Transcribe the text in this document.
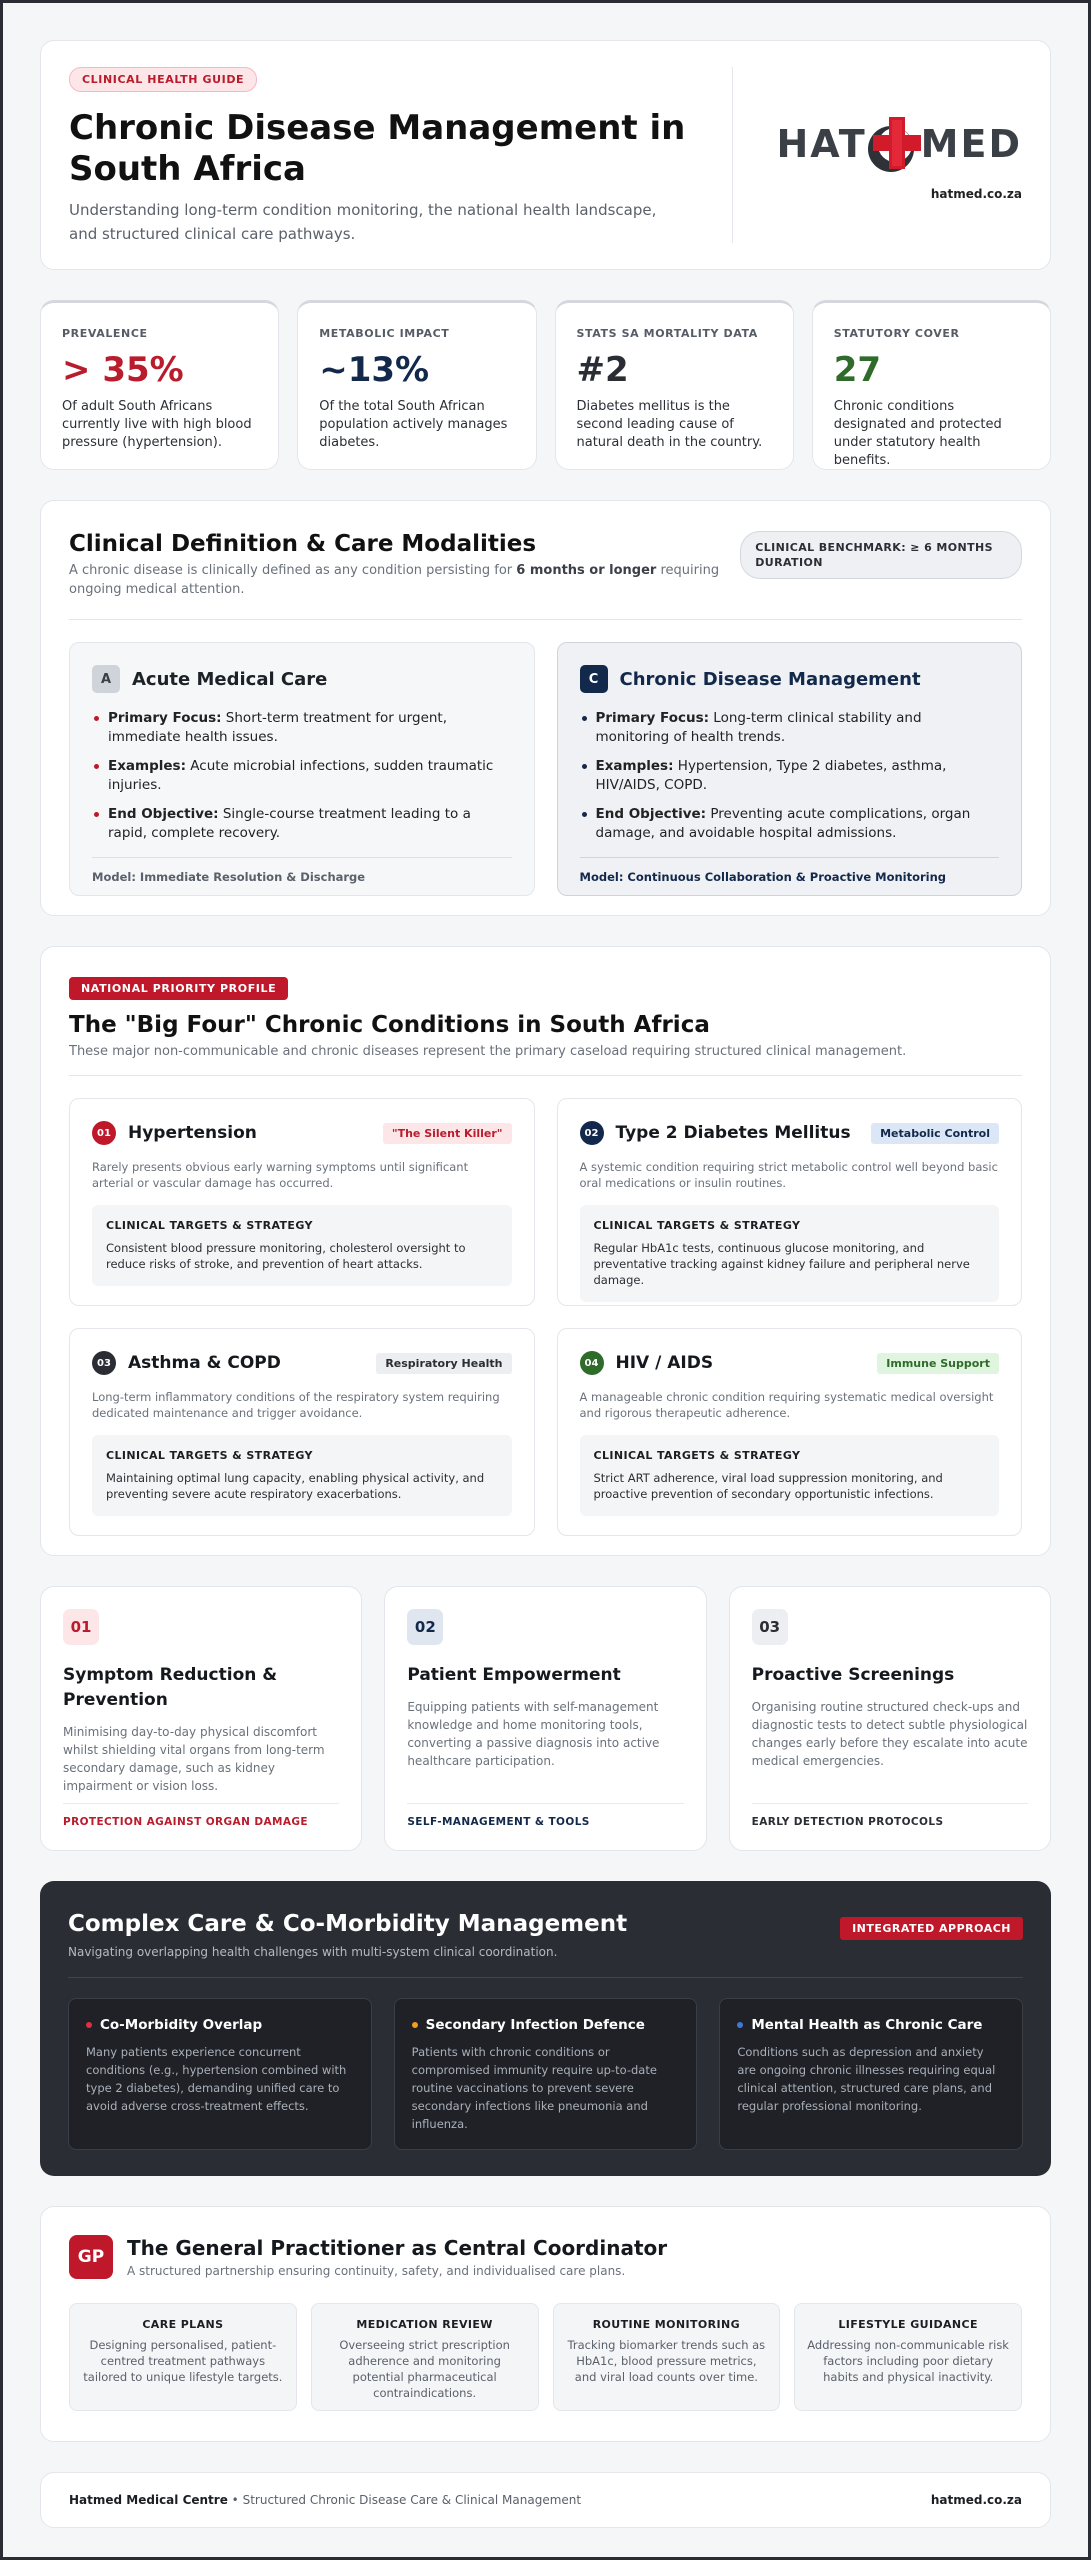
CLINICAL HEALTH GUIDE
Chronic Disease Management in South Africa

Understanding long-term condition monitoring, the national health landscape, and structured clinical care pathways.

HAT MED
hatmed.co.za
PREVALENCE
> 35%
Of adult South Africans currently live with high blood pressure (hypertension).
METABOLIC IMPACT
~13%
Of the total South African population actively manages diabetes.
STATS SA MORTALITY DATA
#2
Diabetes mellitus is the second leading cause of natural death in the country.
STATUTORY COVER
27
Chronic conditions designated and protected under statutory health benefits.
Clinical Definition & Care Modalities

A chronic disease is clinically defined as any condition persisting for 6 months or longer requiring ongoing medical attention.

CLINICAL BENCHMARK: ≥ 6 MONTHS DURATION
A	Acute Medical Care
Primary Focus: Short-term treatment for urgent, immediate health issues.
Examples: Acute microbial infections, sudden traumatic injuries.
End Objective: Single-course treatment leading to a rapid, complete recovery.
Model: Immediate Resolution & Discharge
C	Chronic Disease Management
Primary Focus: Long-term clinical stability and monitoring of health trends.
Examples: Hypertension, Type 2 diabetes, asthma, HIV/AIDS, COPD.
End Objective: Preventing acute complications, organ damage, and avoidable hospital admissions.
Model: Continuous Collaboration & Proactive Monitoring
NATIONAL PRIORITY PROFILE
The "Big Four" Chronic Conditions in South Africa

These major non-communicable and chronic diseases represent the primary caseload requiring structured clinical management.

01 Hypertension	"The Silent Killer"

Rarely presents obvious early warning symptoms until significant arterial or vascular damage has occurred.

CLINICAL TARGETS & STRATEGY
Consistent blood pressure monitoring, cholesterol oversight to reduce risks of stroke, and prevention of heart attacks.
02 Type 2 Diabetes Mellitus	Metabolic Control

A systemic condition requiring strict metabolic control well beyond basic oral medications or insulin routines.

CLINICAL TARGETS & STRATEGY
Regular HbA1c tests, continuous glucose monitoring, and preventative tracking against kidney failure and peripheral nerve damage.
03 Asthma & COPD	Respiratory Health

Long-term inflammatory conditions of the respiratory system requiring dedicated maintenance and trigger avoidance.

CLINICAL TARGETS & STRATEGY
Maintaining optimal lung capacity, enabling physical activity, and preventing severe acute respiratory exacerbations.
04 HIV / AIDS	Immune Support

A manageable chronic condition requiring systematic medical oversight and rigorous therapeutic adherence.

CLINICAL TARGETS & STRATEGY
Strict ART adherence, viral load suppression monitoring, and proactive prevention of secondary opportunistic infections.
01
Symptom Reduction & Prevention
Minimising day-to-day physical discomfort whilst shielding vital organs from long-term secondary damage, such as kidney impairment or vision loss.
PROTECTION AGAINST ORGAN DAMAGE
02
Patient Empowerment
Equipping patients with self-management knowledge and home monitoring tools, converting a passive diagnosis into active healthcare participation.
SELF-MANAGEMENT & TOOLS
03
Proactive Screenings
Organising routine structured check-ups and diagnostic tests to detect subtle physiological changes early before they escalate into acute medical emergencies.
EARLY DETECTION PROTOCOLS
Complex Care & Co-Morbidity Management

Navigating overlapping health challenges with multi-system clinical coordination.

INTEGRATED APPROACH
Co-Morbidity Overlap
Many patients experience concurrent conditions (e.g., hypertension combined with type 2 diabetes), demanding unified care to avoid adverse cross-treatment effects.
Secondary Infection Defence
Patients with chronic conditions or compromised immunity require up-to-date routine vaccinations to prevent severe secondary infections like pneumonia and influenza.
Mental Health as Chronic Care
Conditions such as depression and anxiety are ongoing chronic illnesses requiring equal clinical attention, structured care plans, and regular professional monitoring.
GP	The General Practitioner as Central Coordinator

A structured partnership ensuring continuity, safety, and individualised care plans.

CARE PLANS
Designing personalised, patient-centred treatment pathways tailored to unique lifestyle targets.
MEDICATION REVIEW
Overseeing strict prescription adherence and monitoring potential pharmaceutical contraindications.
ROUTINE MONITORING
Tracking biomarker trends such as HbA1c, blood pressure metrics, and viral load counts over time.
LIFESTYLE GUIDANCE
Addressing non-communicable risk factors including poor dietary habits and physical inactivity.
Hatmed Medical Centre • Structured Chronic Disease Care & Clinical Management	hatmed.co.za
